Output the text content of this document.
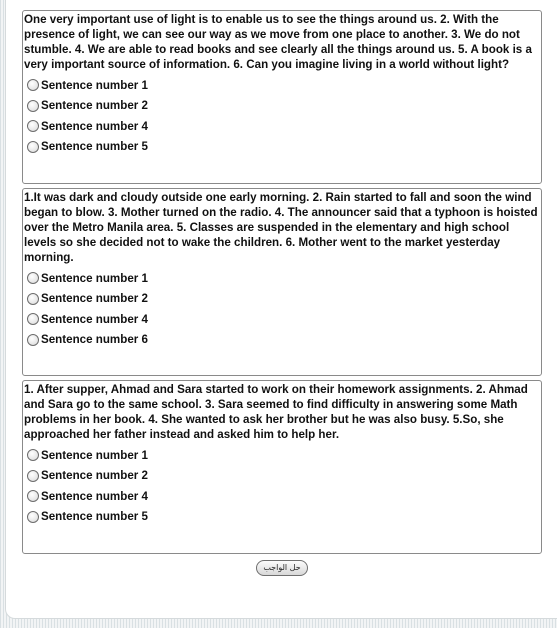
One very important use of light is to enable us to see the things around us. 2. With the presence of light, we can see our way as we move from one place to another. 3. We do not stumble. 4. We are able to read books and see clearly all the things around us. 5. A book is a very important source of information. 6. Can you imagine living in a world without light?
Sentence number 1
Sentence number 2
Sentence number 4
Sentence number 5
1.It was dark and cloudy outside one early morning. 2. Rain started to fall and soon the wind began to blow. 3. Mother turned on the radio. 4. The announcer said that a typhoon is hoisted over the Metro Manila area. 5. Classes are suspended in the elementary and high school levels so she decided not to wake the children. 6. Mother went to the market yesterday morning.
Sentence number 1
Sentence number 2
Sentence number 4
Sentence number 6
1. After supper, Ahmad and Sara started to work on their homework assignments. 2. Ahmad and Sara go to the same school. 3. Sara seemed to find difficulty in answering some Math problems in her book. 4. She wanted to ask her brother but he was also busy. 5.So, she approached her father instead and asked him to help her.
Sentence number 1
Sentence number 2
Sentence number 4
Sentence number 5
حل الواجب
